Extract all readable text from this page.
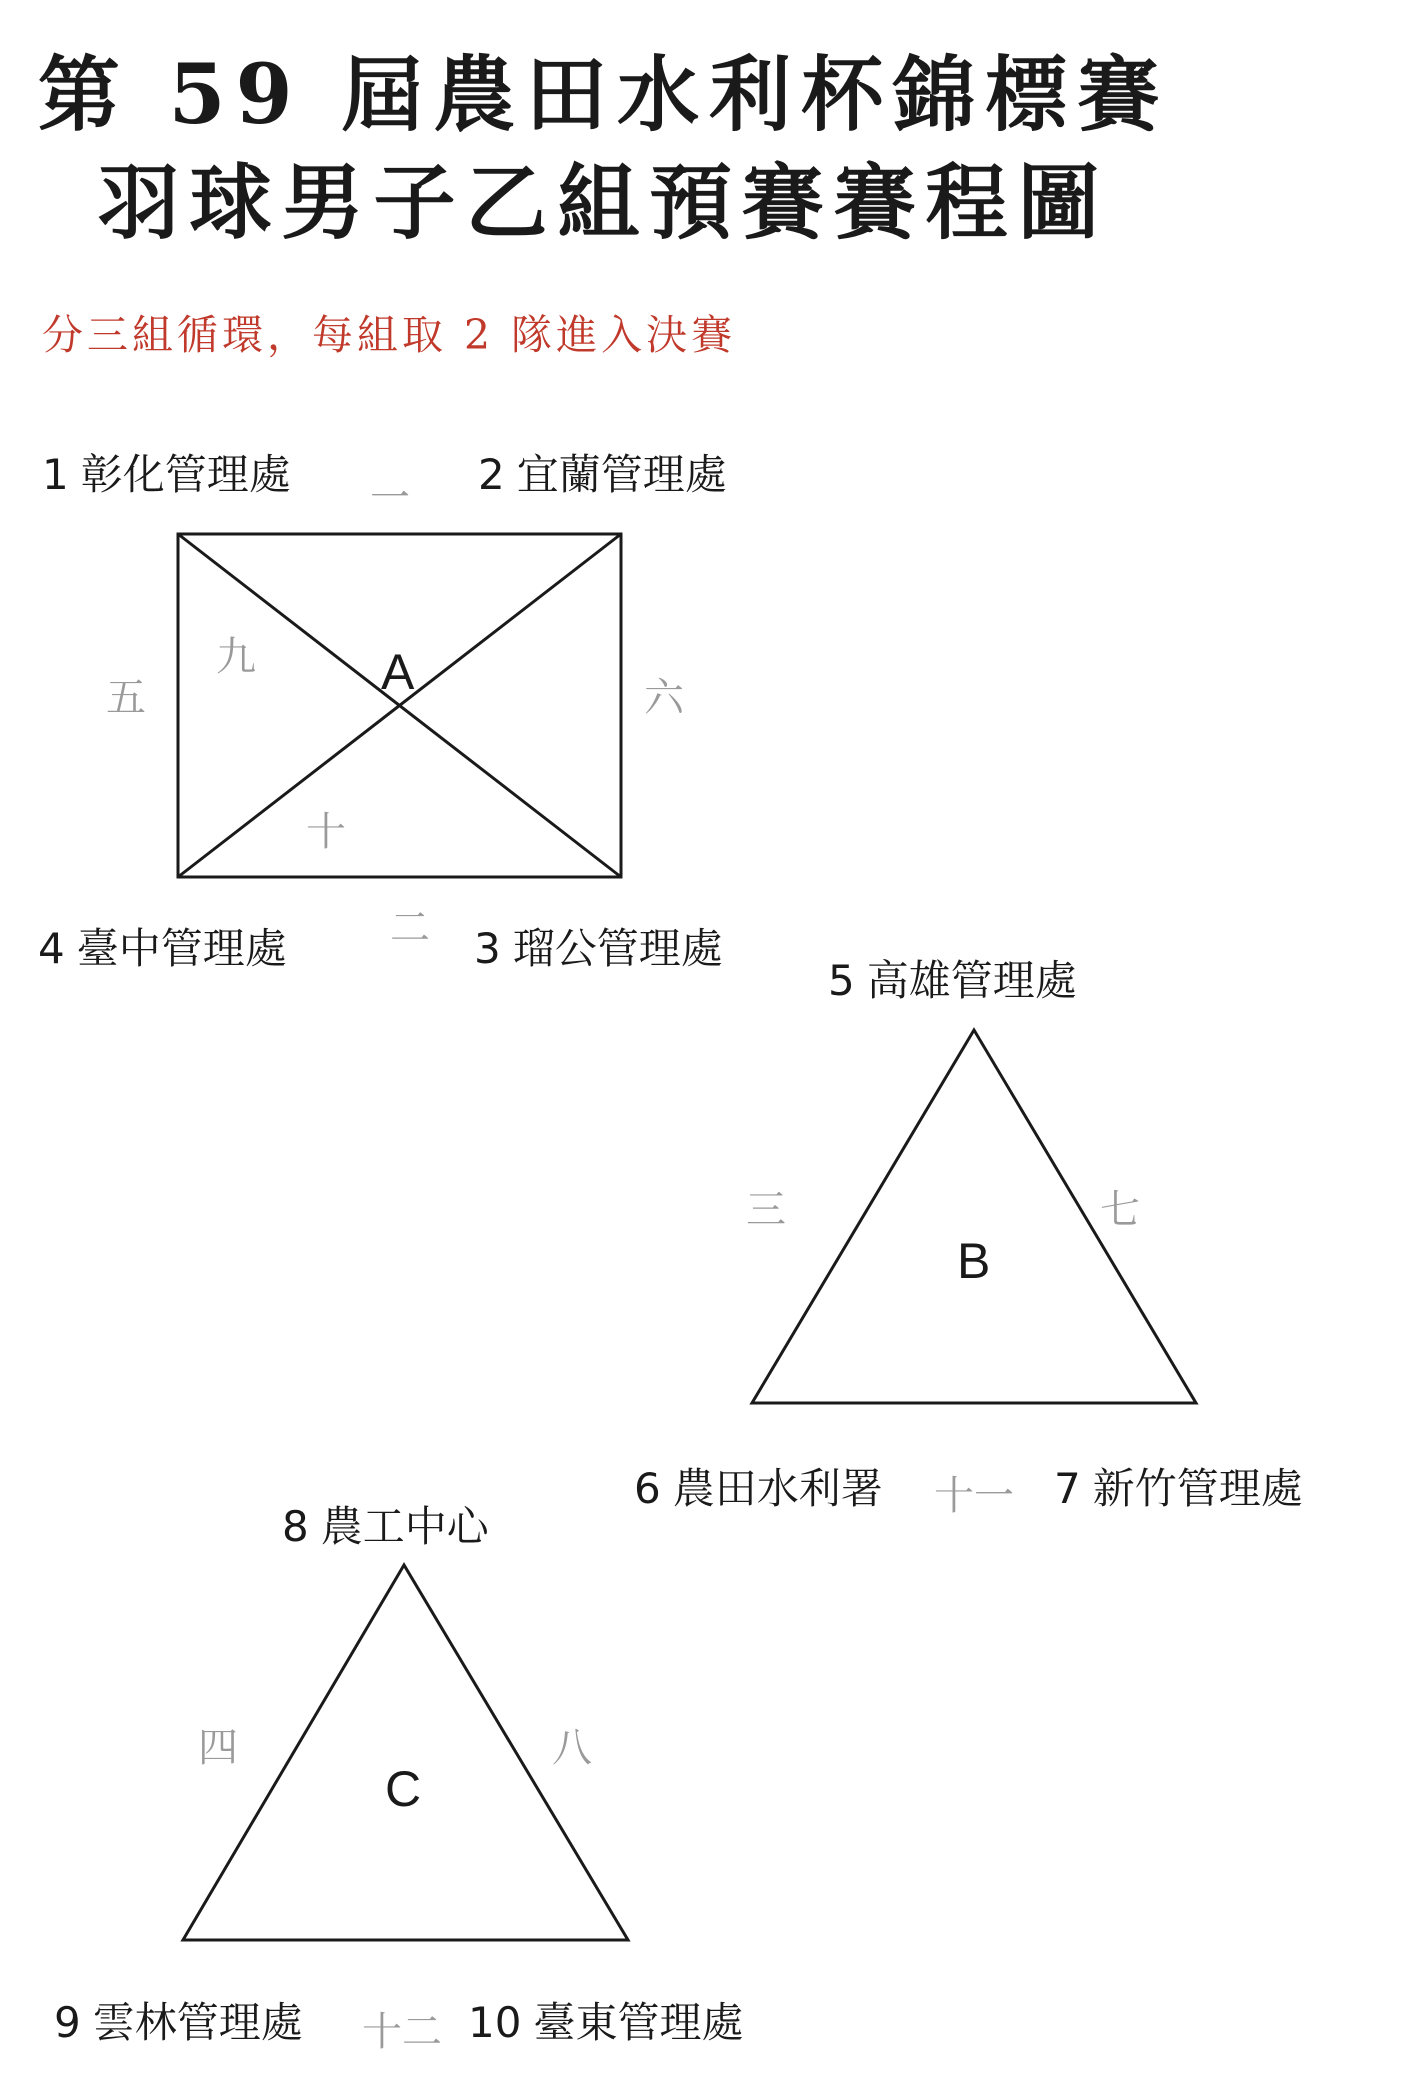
第 59 屆農田水利杯錦標賽
羽球男子乙組預賽賽程圖
分三組循環，每組取 2 隊進入決賽
1 彰化管理處	2 宜蘭管理處
4 臺中管理處	3 瑠公管理處
一
二
五	六
九
十
A
5 高雄管理處
6 農田水利署	7 新竹管理處
三	七
十一
B
8 農工中心
9 雲林管理處	10 臺東管理處
四	八
十二
C
